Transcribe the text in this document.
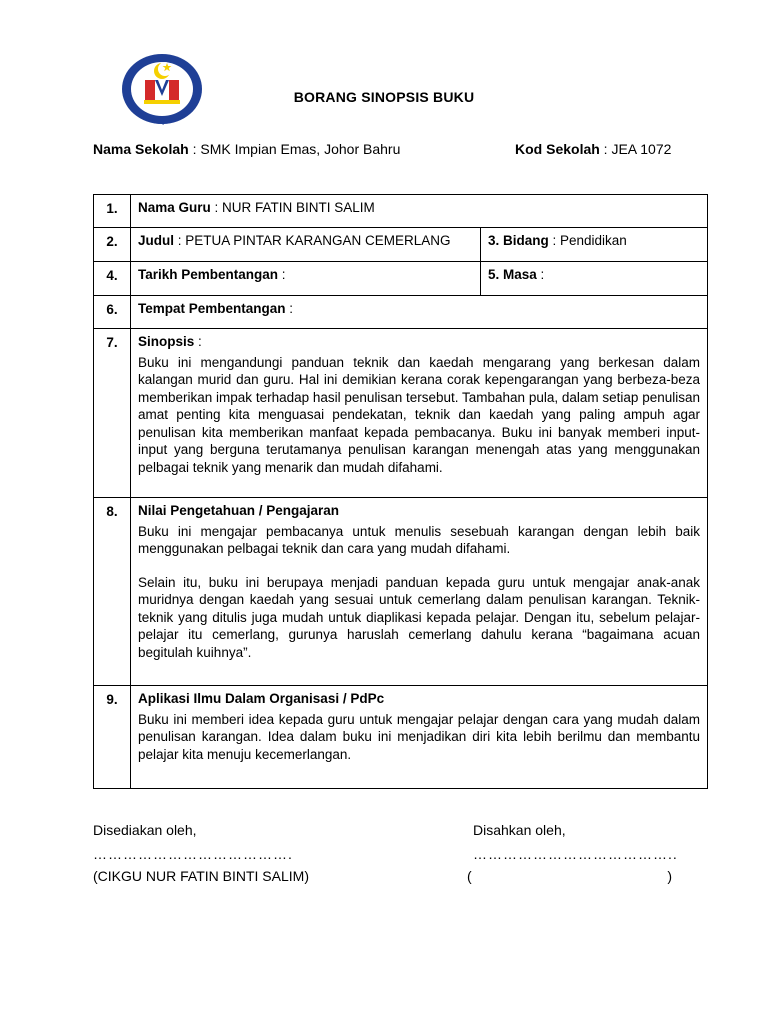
KEMENTERIAN PELAJARAN MALAYSIA	BORANG SINOPSIS BUKU
Nama Sekolah : SMK Impian Emas, Johor Bahru	Kod Sekolah : JEA 1072
1.	Nama Guru : NUR FATIN BINTI SALIM	
2.	Judul : PETUA PINTAR KARANGAN CEMERLANG	3. Bidang : Pendidikan
4.	Tarikh Pembentangan :	5. Masa :
6.	Tempat Pembentangan :	
7.	Sinopsis :
Buku ini mengandungi panduan teknik dan kaedah mengarang yang berkesan dalam kalangan murid dan guru. Hal ini demikian kerana corak kepengarangan yang berbeza-beza memberikan impak terhadap hasil penulisan tersebut. Tambahan pula, dalam setiap penulisan amat penting kita menguasai pendekatan, teknik dan kaedah yang paling ampuh agar penulisan kita memberikan manfaat kepada pembacanya. Buku ini banyak memberi input-input yang berguna terutamanya penulisan karangan menengah atas yang menggunakan pelbagai teknik yang menarik dan mudah difahami.	

8.	Nilai Pengetahuan / Pengajaran
Buku ini mengajar pembacanya untuk menulis sesebuah karangan dengan lebih baik menggunakan pelbagai teknik dan cara yang mudah difahami.
Selain itu, buku ini berupaya menjadi panduan kepada guru untuk mengajar anak-anak muridnya dengan kaedah yang sesuai untuk cemerlang dalam penulisan karangan. Teknik-teknik yang ditulis juga mudah untuk diaplikasi kepada pelajar. Dengan itu, sebelum pelajar-pelajar itu cemerlang, gurunya haruslah cemerlang dahulu kerana “bagaimana acuan begitulah kuihnya”.	

9.	Aplikasi Ilmu Dalam Organisasi / PdPc
Buku ini memberi idea kepada guru untuk mengajar pelajar dengan cara yang mudah dalam penulisan karangan. Idea dalam buku ini menjadikan diri kita lebih berilmu dan membantu pelajar kita menuju kecemerlangan.	
Disediakan oleh,
………………………………….
(CIKGU NUR FATIN BINTI SALIM)
Disahkan oleh,
…………………………………..
(	)
